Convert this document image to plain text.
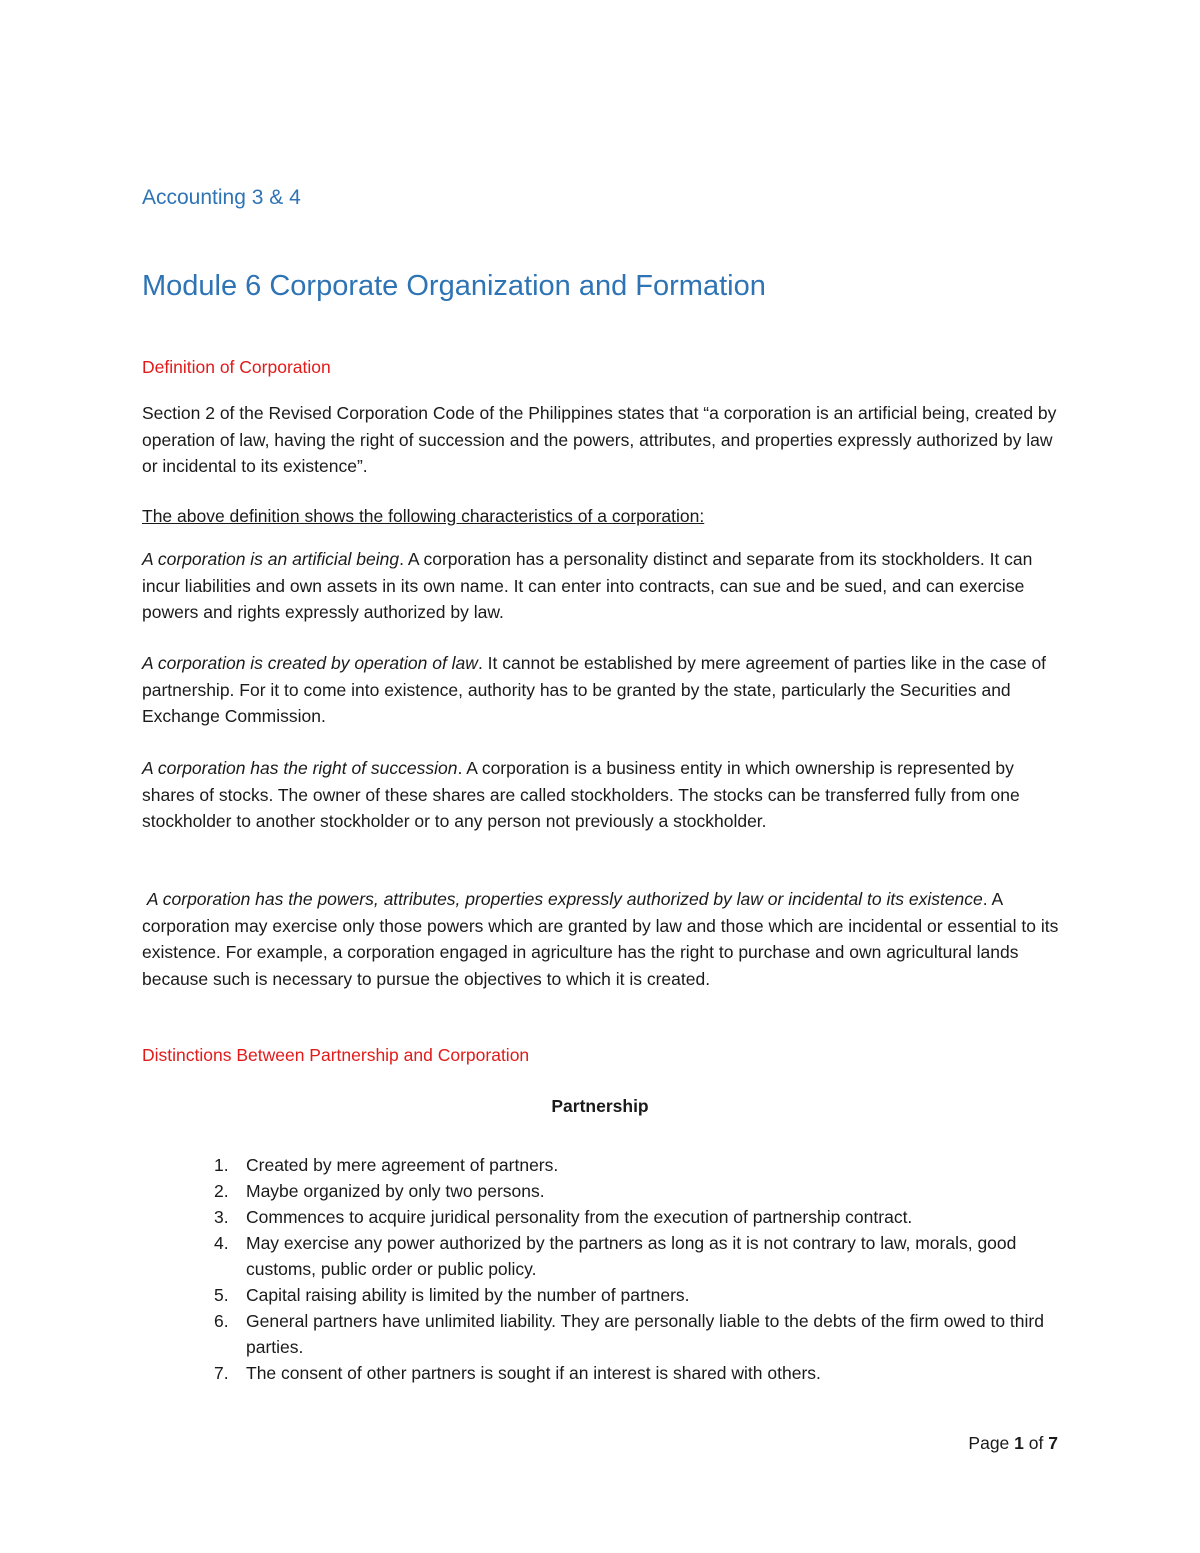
Accounting 3 & 4
Module 6 Corporate Organization and Formation
Definition of Corporation
Section 2 of the Revised Corporation Code of the Philippines states that “a corporation is an artificial being, created by operation of law, having the right of succession and the powers, attributes, and properties expressly authorized by law or incidental to its existence”.
The above definition shows the following characteristics of a corporation:
A corporation is an artificial being. A corporation has a personality distinct and separate from its stockholders. It can incur liabilities and own assets in its own name. It can enter into contracts, can sue and be sued, and can exercise powers and rights expressly authorized by law.
A corporation is created by operation of law. It cannot be established by mere agreement of parties like in the case of partnership. For it to come into existence, authority has to be granted by the state, particularly the Securities and Exchange Commission.
A corporation has the right of succession. A corporation is a business entity in which ownership is represented by shares of stocks. The owner of these shares are called stockholders. The stocks can be transferred fully from one stockholder to another stockholder or to any person not previously a stockholder.
A corporation has the powers, attributes, properties expressly authorized by law or incidental to its existence. A corporation may exercise only those powers which are granted by law and those which are incidental or essential to its existence. For example, a corporation engaged in agriculture has the right to purchase and own agricultural lands because such is necessary to pursue the objectives to which it is created.
Distinctions Between Partnership and Corporation
Partnership
1. Created by mere agreement of partners.
2. Maybe organized by only two persons.
3. Commences to acquire juridical personality from the execution of partnership contract.
4. May exercise any power authorized by the partners as long as it is not contrary to law, morals, good customs, public order or public policy.
5. Capital raising ability is limited by the number of partners.
6. General partners have unlimited liability. They are personally liable to the debts of the firm owed to third parties.
7. The consent of other partners is sought if an interest is shared with others.
Page 1 of 7
